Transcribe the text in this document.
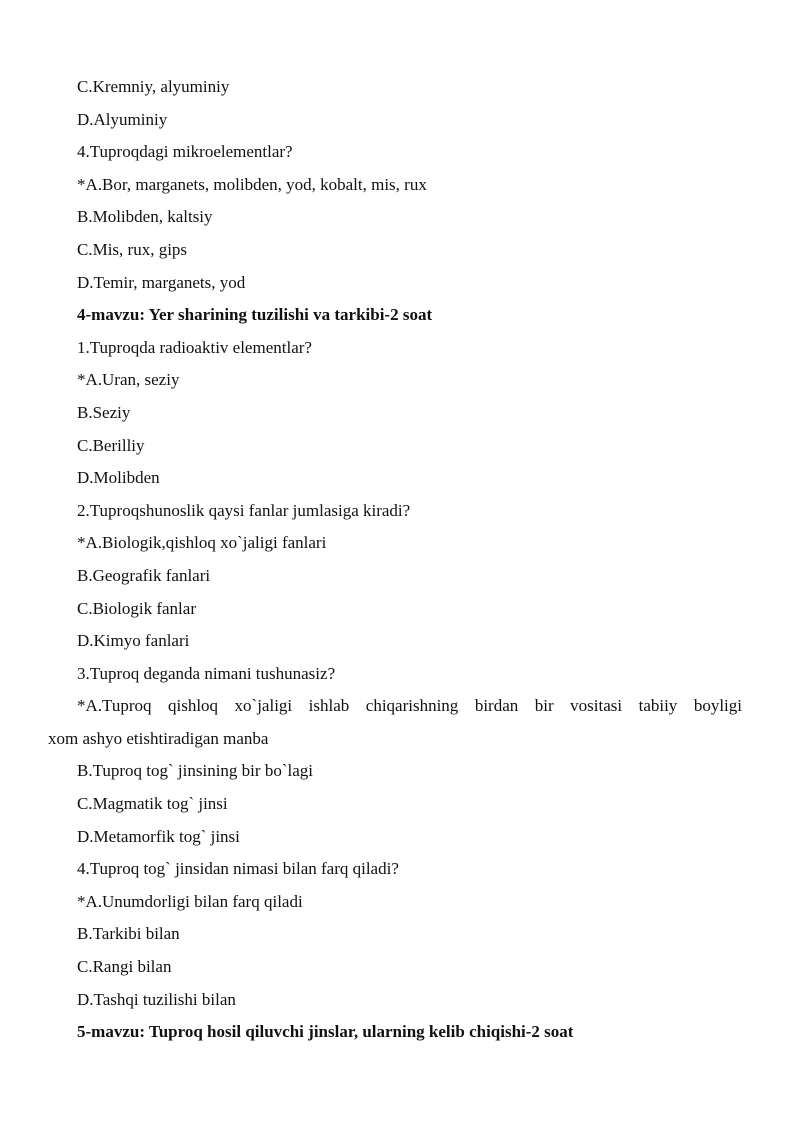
C.Kremniy, alyuminiy
D.Alyuminiy
4.Tuproqdagi mikroelementlar?
*A.Bor, marganets, molibden, yod, kobalt, mis, rux
B.Molibden, kaltsiy
C.Mis, rux, gips
D.Temir, marganets, yod
4-mavzu: Yer sharining tuzilishi va tarkibi-2 soat
1.Tuproqda radioaktiv elementlar?
*A.Uran, seziy
B.Seziy
C.Berilliy
D.Molibden
2.Tuproqshunoslik qaysi fanlar jumlasiga kiradi?
*A.Biologik,qishloq xo`jaligi fanlari
B.Geografik fanlari
C.Biologik fanlar
D.Kimyo fanlari
3.Tuproq deganda nimani tushunasiz?
*A.Tuproq qishloq xo`jaligi ishlab chiqarishning birdan bir vositasi tabiiy boyligi
xom ashyo etishtiradigan manba
B.Tuproq tog` jinsining bir bo`lagi
C.Magmatik tog` jinsi
D.Metamorfik tog` jinsi
4.Tuproq tog` jinsidan nimasi bilan farq qiladi?
*A.Unumdorligi bilan farq qiladi
B.Tarkibi bilan
C.Rangi bilan
D.Tashqi tuzilishi bilan
5-mavzu: Tuproq hosil qiluvchi jinslar, ularning kelib chiqishi-2 soat
